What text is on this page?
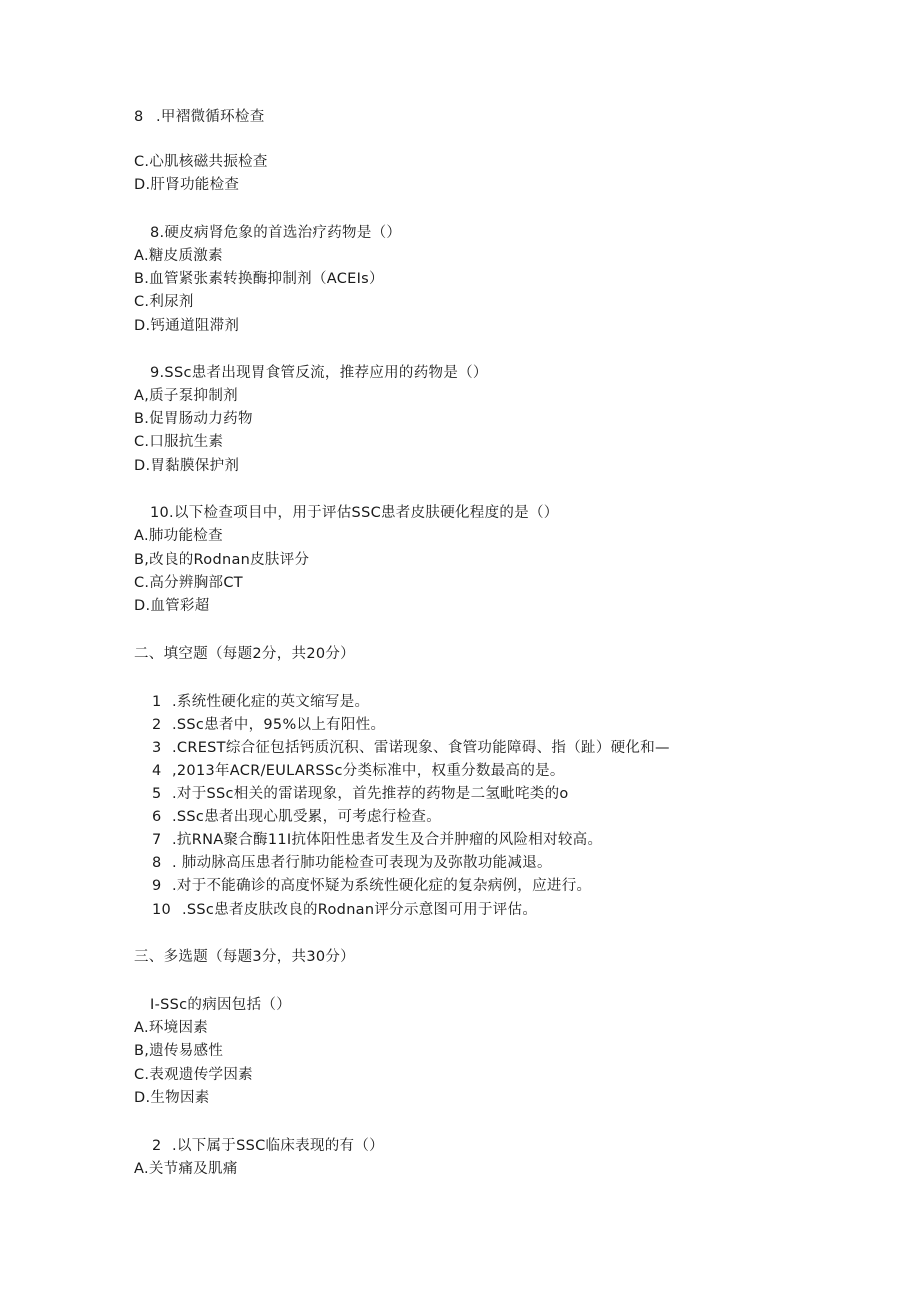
8 .甲褶微循环检查
C.心肌核磁共振检查
D.肝肾功能检查
8.硬皮病肾危象的首选治疗药物是（）
A.糖皮质激素
B.血管紧张素转换酶抑制剂（ACEIs）
C.利尿剂
D.钙通道阻滞剂
9.SSc患者出现胃食管反流，推荐应用的药物是（）
A,质子泵抑制剂
B.促胃肠动力药物
C.口服抗生素
D.胃黏膜保护剂
10.以下检查项目中，用于评估SSC患者皮肤硬化程度的是（）
A.肺功能检查
B,改良的Rodnan皮肤评分
C.高分辨胸部CT
D.血管彩超
二、填空题（每题2分，共20分）
1 .系统性硬化症的英文缩写是。
2 .SSc患者中，95%以上有阳性。
3 .CREST综合征包括钙质沉积、雷诺现象、食管功能障碍、指（趾）硬化和—
4 ,2013年ACR/EULARSSc分类标准中，权重分数最高的是。
5 .对于SSc相关的雷诺现象，首先推荐的药物是二氢毗咤类的o
6 .SSc患者出现心肌受累，可考虑行检查。
7 .抗RNA聚合酶11I抗体阳性患者发生及合并肿瘤的风险相对较高。
8 . 肺动脉高压患者行肺功能检查可表现为及弥散功能减退。
9 .对于不能确诊的高度怀疑为系统性硬化症的复杂病例，应进行。
10 .SSc患者皮肤改良的Rodnan评分示意图可用于评估。
三、多选题（每题3分，共30分）
I-SSc的病因包括（）
A.环境因素
B,遗传易感性
C.表观遗传学因素
D.生物因素
2 .以下属于SSC临床表现的有（）
A.关节痛及肌痛
